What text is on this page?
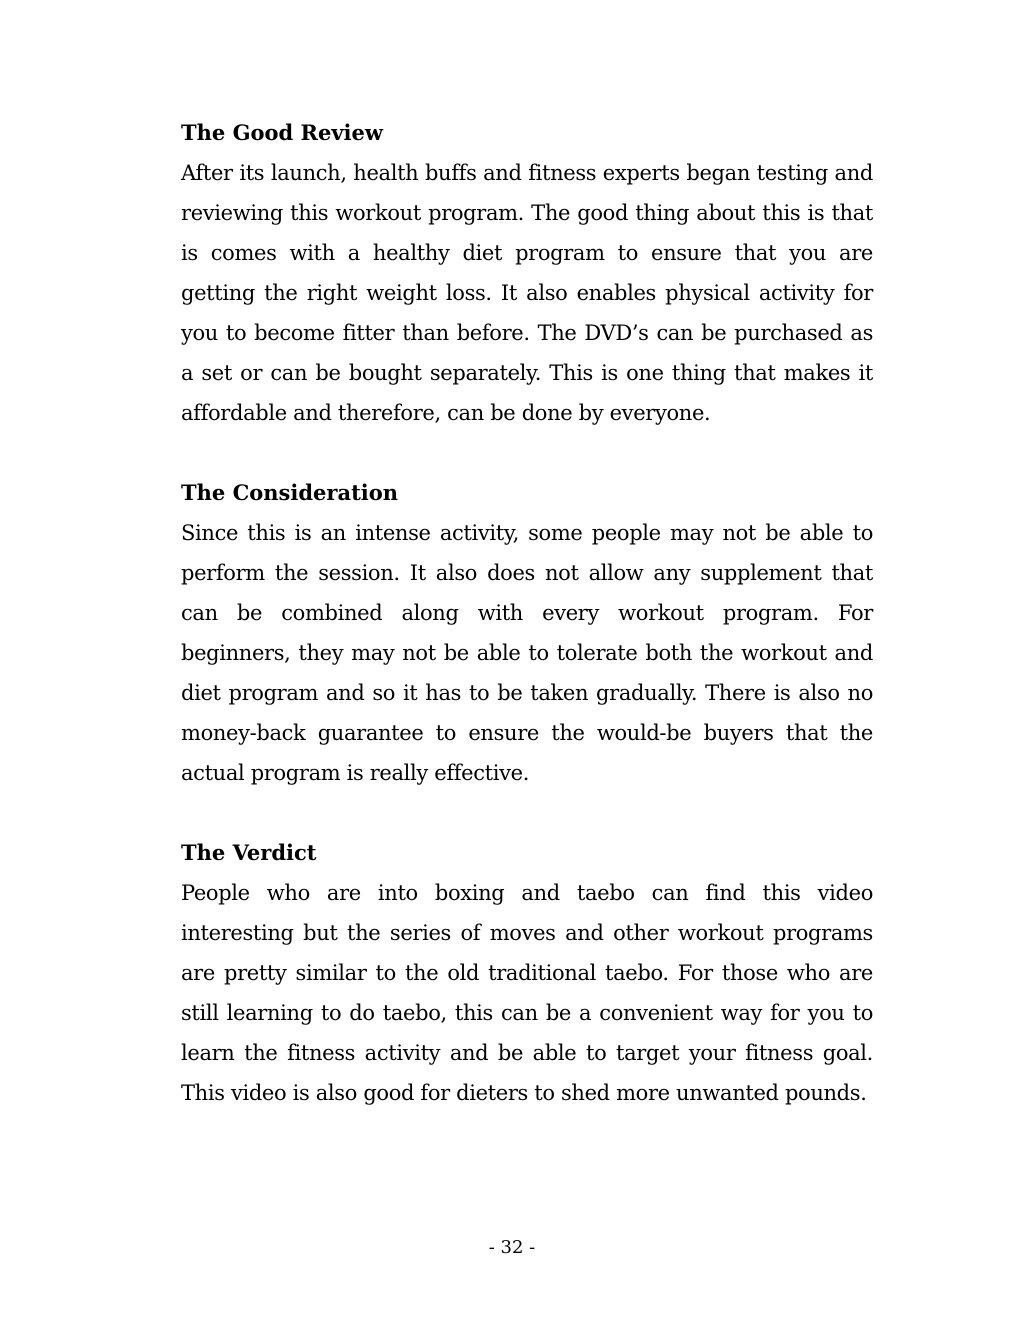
The Good Review

After its launch, health buffs and fitness experts began testing and reviewing this workout program. The good thing about this is that is comes with a healthy diet program to ensure that you are getting the right weight loss. It also enables physical activity for you to become fitter than before. The DVD’s can be purchased as a set or can be bought separately. This is one thing that makes it affordable and therefore, can be done by everyone.

The Consideration

Since this is an intense activity, some people may not be able to perform the session. It also does not allow any supplement that can be combined along with every workout program. For beginners, they may not be able to tolerate both the workout and diet program and so it has to be taken gradually. There is also no money-back guarantee to ensure the would-be buyers that the actual program is really effective.

The Verdict

People who are into boxing and taebo can find this video interesting but the series of moves and other workout programs are pretty similar to the old traditional taebo. For those who are still learning to do taebo, this can be a convenient way for you to learn the fitness activity and be able to target your fitness goal. This video is also good for dieters to shed more unwanted pounds.

- 32 -
